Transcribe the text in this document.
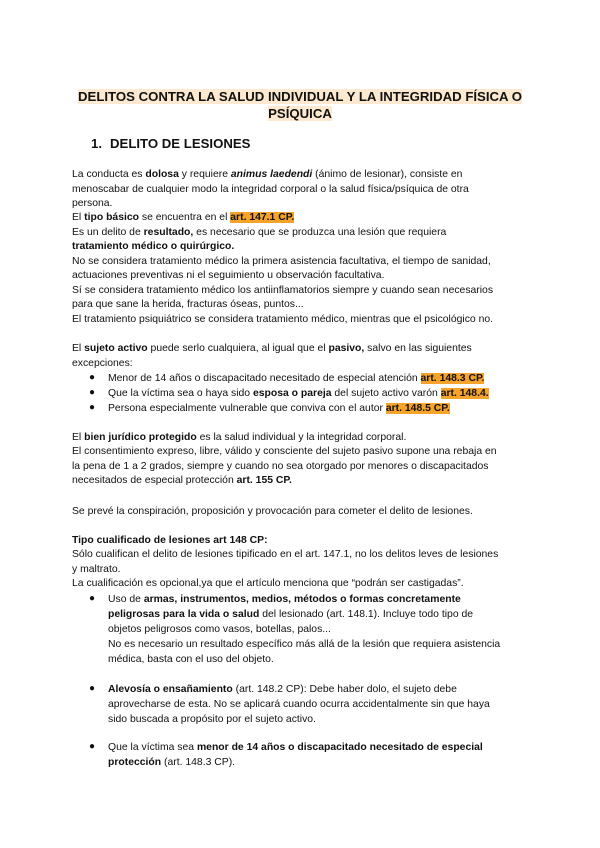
DELITOS CONTRA LA SALUD INDIVIDUAL Y LA INTEGRIDAD FÍSICA O PSÍQUICA
1. DELITO DE LESIONES
La conducta es dolosa y requiere animus laedendi (ánimo de lesionar), consiste en
menoscabar de cualquier modo la integridad corporal o la salud física/psíquica de otra
persona.
El tipo básico se encuentra en el art. 147.1 CP.
Es un delito de resultado, es necesario que se produzca una lesión que requiera
tratamiento médico o quirúrgico.
No se considera tratamiento médico la primera asistencia facultativa, el tiempo de sanidad,
actuaciones preventivas ni el seguimiento u observación facultativa.
Sí se considera tratamiento médico los antiinflamatorios siempre y cuando sean necesarios
para que sane la herida, fracturas óseas, puntos...
El tratamiento psiquiátrico se considera tratamiento médico, mientras que el psicológico no.
El sujeto activo puede serlo cualquiera, al igual que el pasivo, salvo en las siguientes
excepciones:
● Menor de 14 años o discapacitado necesitado de especial atención art. 148.3 CP.
● Que la víctima sea o haya sido esposa o pareja del sujeto activo varón art. 148.4.
● Persona especialmente vulnerable que conviva con el autor art. 148.5 CP.
El bien jurídico protegido es la salud individual y la integridad corporal.
El consentimiento expreso, libre, válido y consciente del sujeto pasivo supone una rebaja en
la pena de 1 a 2 grados, siempre y cuando no sea otorgado por menores o discapacitados
necesitados de especial protección art. 155 CP.
Se prevé la conspiración, proposición y provocación para cometer el delito de lesiones.
Tipo cualificado de lesiones art 148 CP:
Sólo cualifican el delito de lesiones tipificado en el art. 147.1, no los delitos leves de lesiones
y maltrato.
La cualificación es opcional,ya que el artículo menciona que “podrán ser castigadas”.
● Uso de armas, instrumentos, medios, métodos o formas concretamente
peligrosas para la vida o salud del lesionado (art. 148.1). Incluye todo tipo de
objetos peligrosos como vasos, botellas, palos...
No es necesario un resultado específico más allá de la lesión que requiera asistencia
médica, basta con el uso del objeto.
● Alevosía o ensañamiento (art. 148.2 CP): Debe haber dolo, el sujeto debe
aprovecharse de esta. No se aplicará cuando ocurra accidentalmente sin que haya
sido buscada a propósito por el sujeto activo.
● Que la víctima sea menor de 14 años o discapacitado necesitado de especial
protección (art. 148.3 CP).
